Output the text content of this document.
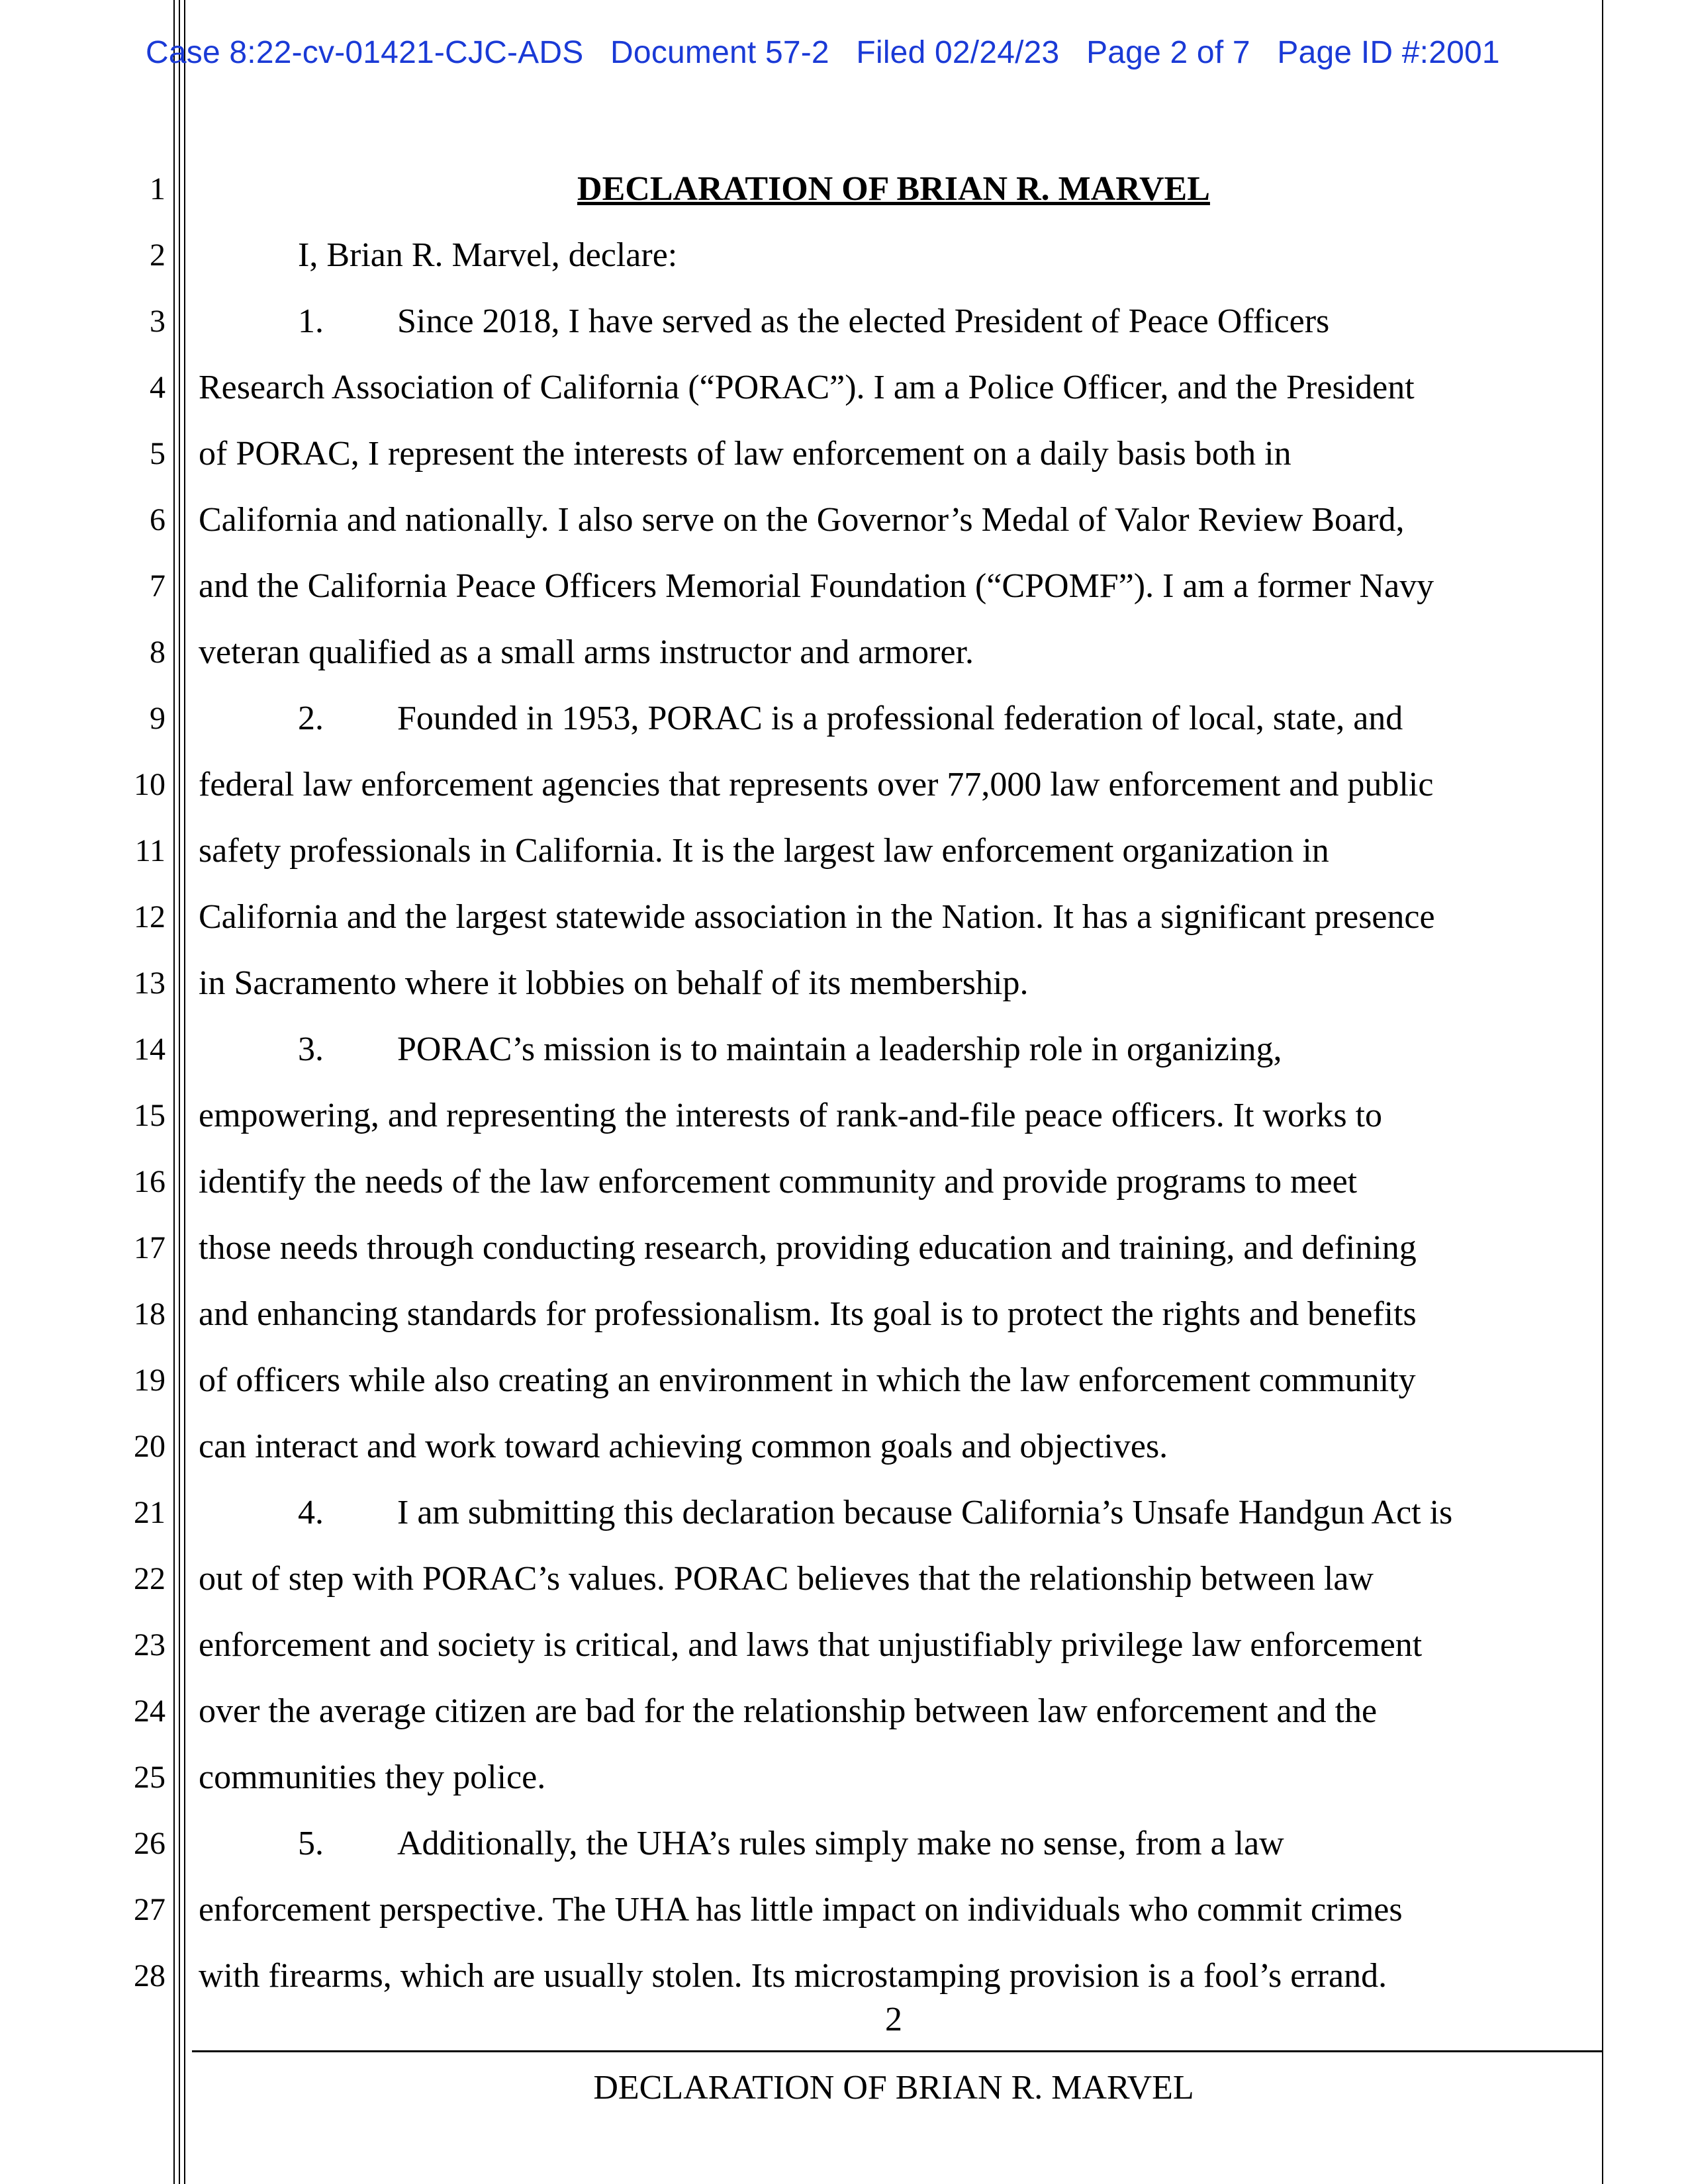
Case 8:22-cv-01421-CJC-ADS   Document 57-2   Filed 02/24/23   Page 2 of 7   Page ID #:2001
1
2
3
4
5
6
7
8
9
10
11
12
13
14
15
16
17
18
19
20
21
22
23
24
25
26
27
28
DECLARATION OF BRIAN R. MARVEL
I, Brian R. Marvel, declare:
1. Since 2018, I have served as the elected President of Peace Officers
Research Association of California (“PORAC”). I am a Police Officer, and the President
of PORAC, I represent the interests of law enforcement on a daily basis both in
California and nationally. I also serve on the Governor’s Medal of Valor Review Board,
and the California Peace Officers Memorial Foundation (“CPOMF”). I am a former Navy
veteran qualified as a small arms instructor and armorer.
2. Founded in 1953, PORAC is a professional federation of local, state, and
federal law enforcement agencies that represents over 77,000 law enforcement and public
safety professionals in California. It is the largest law enforcement organization in
California and the largest statewide association in the Nation. It has a significant presence
in Sacramento where it lobbies on behalf of its membership.
3. PORAC’s mission is to maintain a leadership role in organizing,
empowering, and representing the interests of rank-and-file peace officers. It works to
identify the needs of the law enforcement community and provide programs to meet
those needs through conducting research, providing education and training, and defining
and enhancing standards for professionalism. Its goal is to protect the rights and benefits
of officers while also creating an environment in which the law enforcement community
can interact and work toward achieving common goals and objectives.
4. I am submitting this declaration because California’s Unsafe Handgun Act is
out of step with PORAC’s values. PORAC believes that the relationship between law
enforcement and society is critical, and laws that unjustifiably privilege law enforcement
over the average citizen are bad for the relationship between law enforcement and the
communities they police.
5. Additionally, the UHA’s rules simply make no sense, from a law
enforcement perspective. The UHA has little impact on individuals who commit crimes
with firearms, which are usually stolen. Its microstamping provision is a fool’s errand.
2
DECLARATION OF BRIAN R. MARVEL
